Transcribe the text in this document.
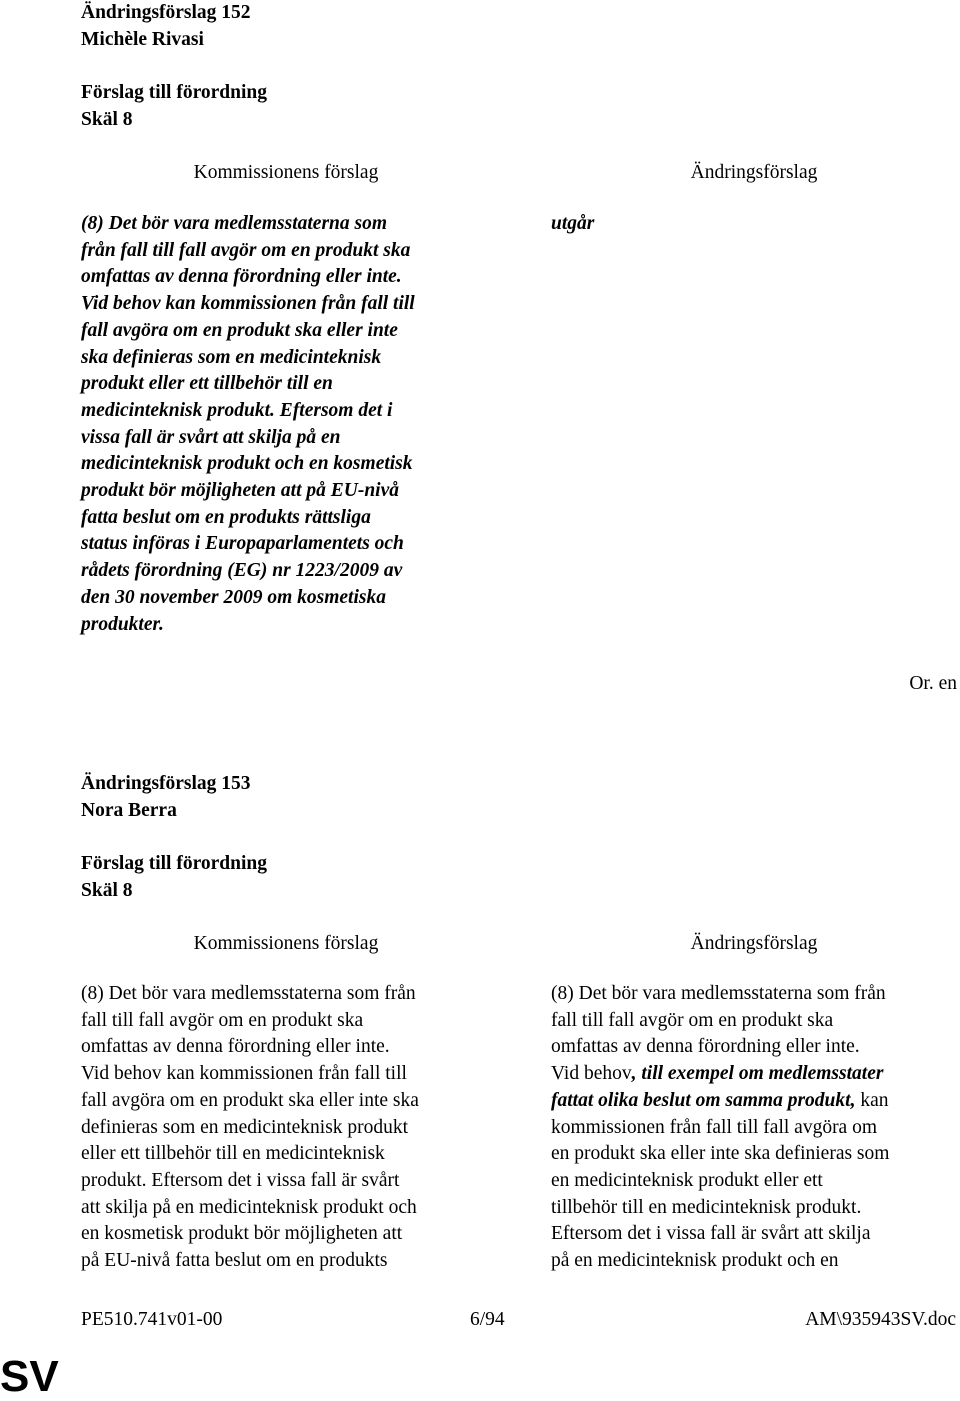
Ändringsförslag 152
Michèle Rivasi
Förslag till förordning
Skäl 8
Kommissionens förslag	Ändringsförslag
(8) Det bör vara medlemsstaterna som
från fall till fall avgör om en produkt ska
omfattas av denna förordning eller inte.
Vid behov kan kommissionen från fall till
fall avgöra om en produkt ska eller inte
ska definieras som en medicinteknisk
produkt eller ett tillbehör till en
medicinteknisk produkt. Eftersom det i
vissa fall är svårt att skilja på en
medicinteknisk produkt och en kosmetisk
produkt bör möjligheten att på EU-nivå
fatta beslut om en produkts rättsliga
status införas i Europaparlamentets och
rådets förordning (EG) nr 1223/2009 av
den 30 november 2009 om kosmetiska
produkter.
utgår
Or. en
Ändringsförslag 153
Nora Berra
Förslag till förordning
Skäl 8
Kommissionens förslag	Ändringsförslag
(8) Det bör vara medlemsstaterna som från
fall till fall avgör om en produkt ska
omfattas av denna förordning eller inte.
Vid behov kan kommissionen från fall till
fall avgöra om en produkt ska eller inte ska
definieras som en medicinteknisk produkt
eller ett tillbehör till en medicinteknisk
produkt. Eftersom det i vissa fall är svårt
att skilja på en medicinteknisk produkt och
en kosmetisk produkt bör möjligheten att
på EU-nivå fatta beslut om en produkts
(8) Det bör vara medlemsstaterna som från
fall till fall avgör om en produkt ska
omfattas av denna förordning eller inte.
Vid behov, till exempel om medlemsstater
fattat olika beslut om samma produkt, kan
kommissionen från fall till fall avgöra om
en produkt ska eller inte ska definieras som
en medicinteknisk produkt eller ett
tillbehör till en medicinteknisk produkt.
Eftersom det i vissa fall är svårt att skilja
på en medicinteknisk produkt och en
PE510.741v01-00	6/94	AM\935943SV.doc
SV
